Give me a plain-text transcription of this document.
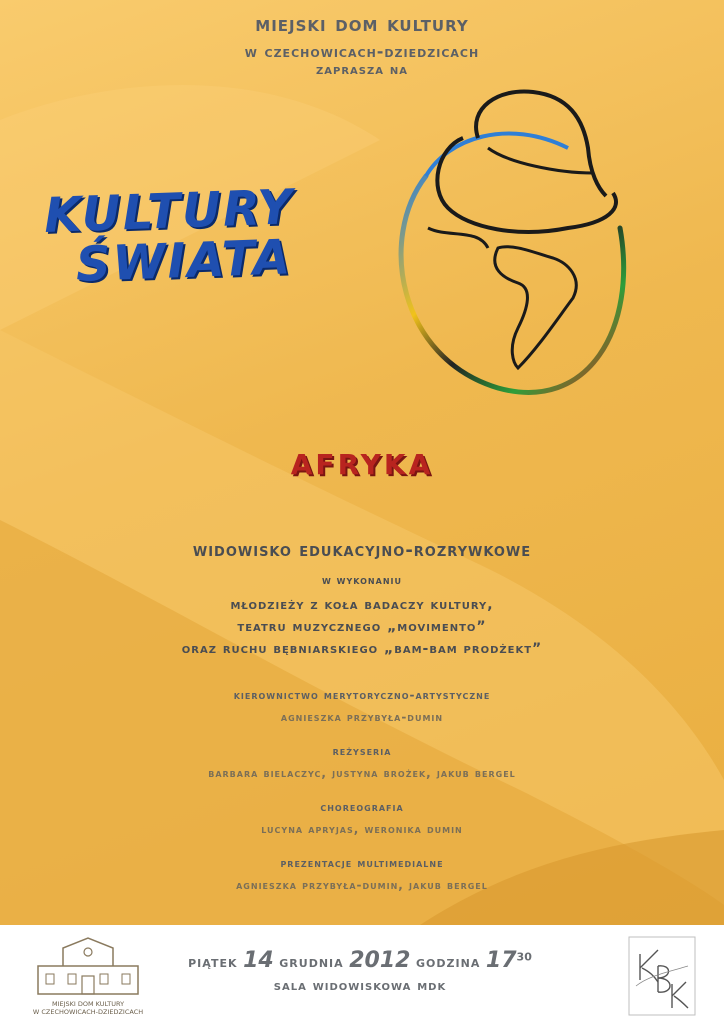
miejski dom kultury
w czechowicach-dziedzicach
zaprasza na
KULTURY
ŚWIATA
afryka
widowisko edukacyjno-rozrywkowe
w wykonaniu
młodzieży z koła badaczy kultury,
teatru muzycznego „movimento”
oraz ruchu bębniarskiego „bam-bam prodżekt”
kierownictwo merytoryczno-artystyczne
agnieszka przybyła-dumin
reżyseria
barbara bielaczyc, justyna brożek, jakub bergel
choreografia
lucyna apryjas, weronika dumin
prezentacje multimedialne
agnieszka przybyła-dumin, jakub bergel
MIEJSKI DOM KULTURY
W CZECHOWICACH-DZIEDZICACH
piątek 14 grudnia 2012 godzina $17^{30}$
sala widowiskowa mdk
